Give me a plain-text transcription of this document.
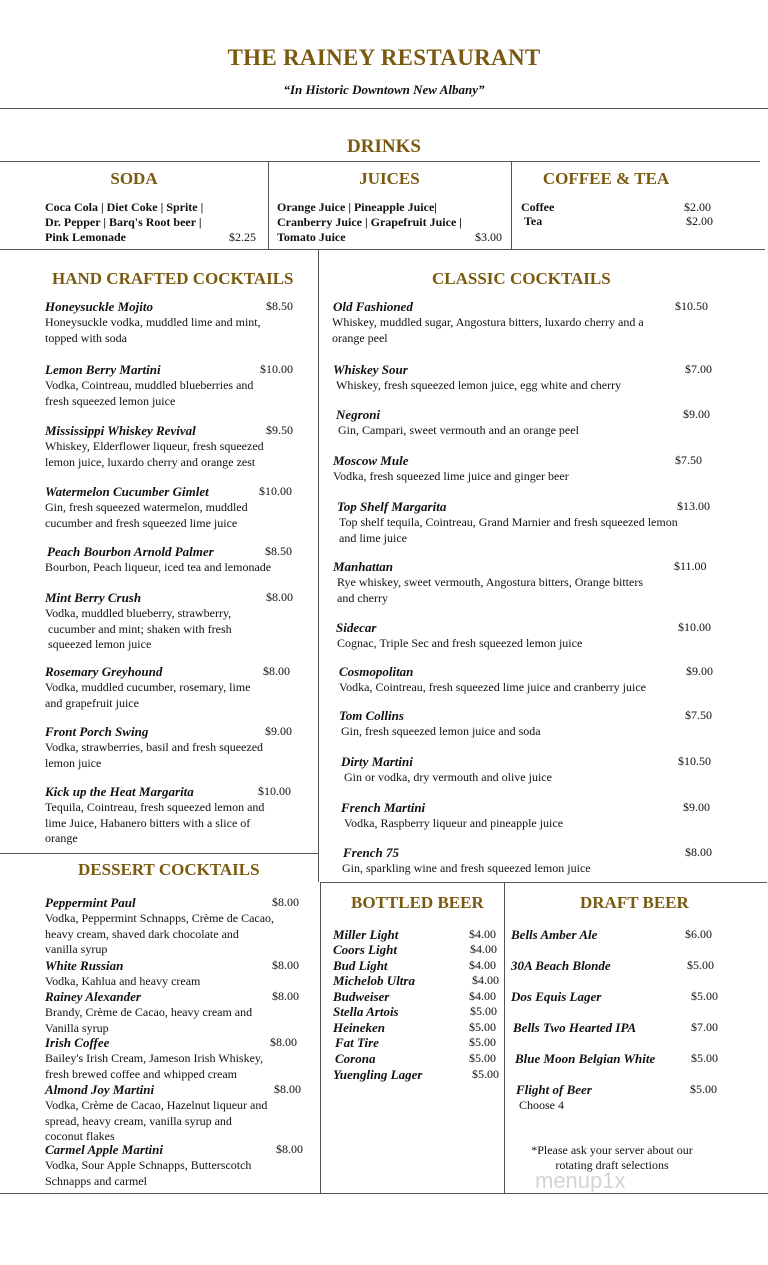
THE RAINEY RESTAURANT
“In Historic Downtown New Albany”
DRINKS
SODA
Coca Cola | Diet Coke | Sprite |
Dr. Pepper | Barq's Root beer |
Pink Lemonade	$2.25
JUICES
Orange Juice | Pineapple Juice|
Cranberry Juice | Grapefruit Juice |
Tomato Juice	$3.00
COFFEE & TEA
Coffee	$2.00
Tea	$2.00
HAND CRAFTED COCKTAILS
Honeysuckle Mojito	$8.50
Honeysuckle vodka, muddled lime and mint,
topped with soda
Lemon Berry Martini	$10.00
Vodka, Cointreau, muddled blueberries and
fresh squeezed lemon juice
Mississippi Whiskey Revival	$9.50
Whiskey, Elderflower liqueur, fresh squeezed
lemon juice, luxardo cherry and orange zest
Watermelon Cucumber Gimlet	$10.00
Gin, fresh squeezed watermelon, muddled
cucumber and fresh squeezed lime juice
Peach Bourbon Arnold Palmer	$8.50
Bourbon, Peach liqueur, iced tea and lemonade
Mint Berry Crush	$8.00
Vodka, muddled blueberry, strawberry,
cucumber and mint; shaken with fresh
squeezed lemon juice
Rosemary Greyhound	$8.00
Vodka, muddled cucumber, rosemary, lime
and grapefruit juice
Front Porch Swing	$9.00
Vodka, strawberries, basil and fresh squeezed
lemon juice
Kick up the Heat Margarita	$10.00
Tequila, Cointreau, fresh squeezed lemon and
lime Juice, Habanero bitters with a slice of
orange
CLASSIC COCKTAILS
Old Fashioned	$10.50
Whiskey, muddled sugar, Angostura bitters, luxardo cherry and a
orange peel
Whiskey Sour	$7.00
Whiskey, fresh squeezed lemon juice, egg white and cherry
Negroni	$9.00
Gin, Campari, sweet vermouth and an orange peel
Moscow Mule	$7.50
Vodka, fresh squeezed lime juice and ginger beer
Top Shelf Margarita	$13.00
Top shelf tequila, Cointreau, Grand Marnier and fresh squeezed lemon
and lime juice
Manhattan	$11.00
Rye whiskey, sweet vermouth, Angostura bitters, Orange bitters
and cherry
Sidecar	$10.00
Cognac, Triple Sec and fresh squeezed lemon juice
Cosmopolitan	$9.00
Vodka, Cointreau, fresh squeezed lime juice and cranberry juice
Tom Collins	$7.50
Gin, fresh squeezed lemon juice and soda
Dirty Martini	$10.50
Gin or vodka, dry vermouth and olive juice
French Martini	$9.00
Vodka, Raspberry liqueur and pineapple juice
French 75	$8.00
Gin, sparkling wine and fresh squeezed lemon juice
DESSERT COCKTAILS
Peppermint Paul	$8.00
Vodka, Peppermint Schnapps, Crème de Cacao,
heavy cream, shaved dark chocolate and
vanilla syrup
White Russian	$8.00
Vodka, Kahlua and heavy cream
Rainey Alexander	$8.00
Brandy, Crème de Cacao, heavy cream and
Vanilla syrup
Irish Coffee	$8.00
Bailey's Irish Cream, Jameson Irish Whiskey,
fresh brewed coffee and whipped cream
Almond Joy Martini	$8.00
Vodka, Crème de Cacao, Hazelnut liqueur and
spread, heavy cream, vanilla syrup and
coconut flakes
Carmel Apple Martini	$8.00
Vodka, Sour Apple Schnapps, Butterscotch
Schnapps and carmel
BOTTLED BEER
Miller Light	$4.00
Coors Light	$4.00
Bud Light	$4.00
Michelob Ultra	$4.00
Budweiser	$4.00
Stella Artois	$5.00
Heineken	$5.00
Fat Tire	$5.00
Corona	$5.00
Yuengling Lager	$5.00
DRAFT BEER
Bells Amber Ale	$6.00
30A Beach Blonde	$5.00
Dos Equis Lager	$5.00
Bells Two Hearted IPA	$7.00
Blue Moon Belgian White	$5.00
Flight of Beer	$5.00
Choose 4
*Please ask your server about our
rotating draft selections
menup1x
